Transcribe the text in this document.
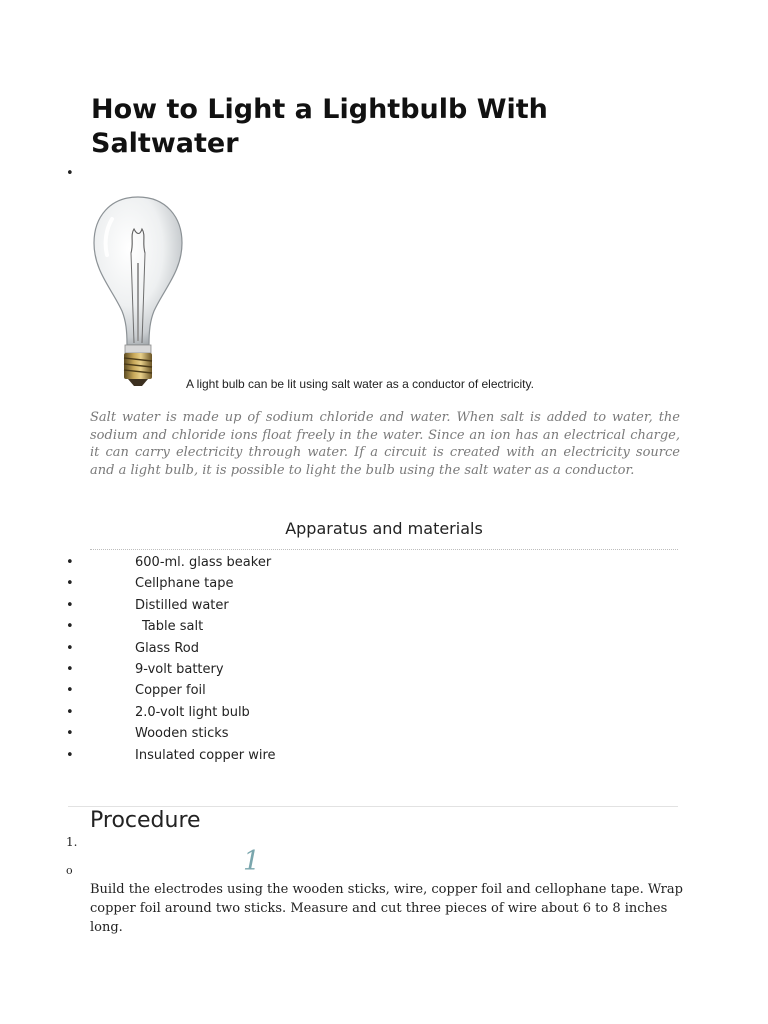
How to Light a Lightbulb With Saltwater
•
A light bulb can be lit using salt water as a conductor of electricity.

Salt water is made up of sodium chloride and water. When salt is added to water, the sodium and chloride ions float freely in the water. Since an ion has an electrical charge, it can carry electricity through water. If a circuit is created with an electricity source and a light bulb, it is possible to light the bulb using the salt water as a conductor.

Apparatus and materials
•	600-ml. glass beaker
•	Cellphane tape
•	Distilled water
•	Table salt
•	Glass Rod
•	9-volt battery
•	Copper foil
•	2.0-volt light bulb
•	Wooden sticks
•	Insulated copper wire
Procedure
1.
o	1

Build the electrodes using the wooden sticks, wire, copper foil and cellophane tape. Wrap copper foil around two sticks. Measure and cut three pieces of wire about 6 to 8 inches long.
